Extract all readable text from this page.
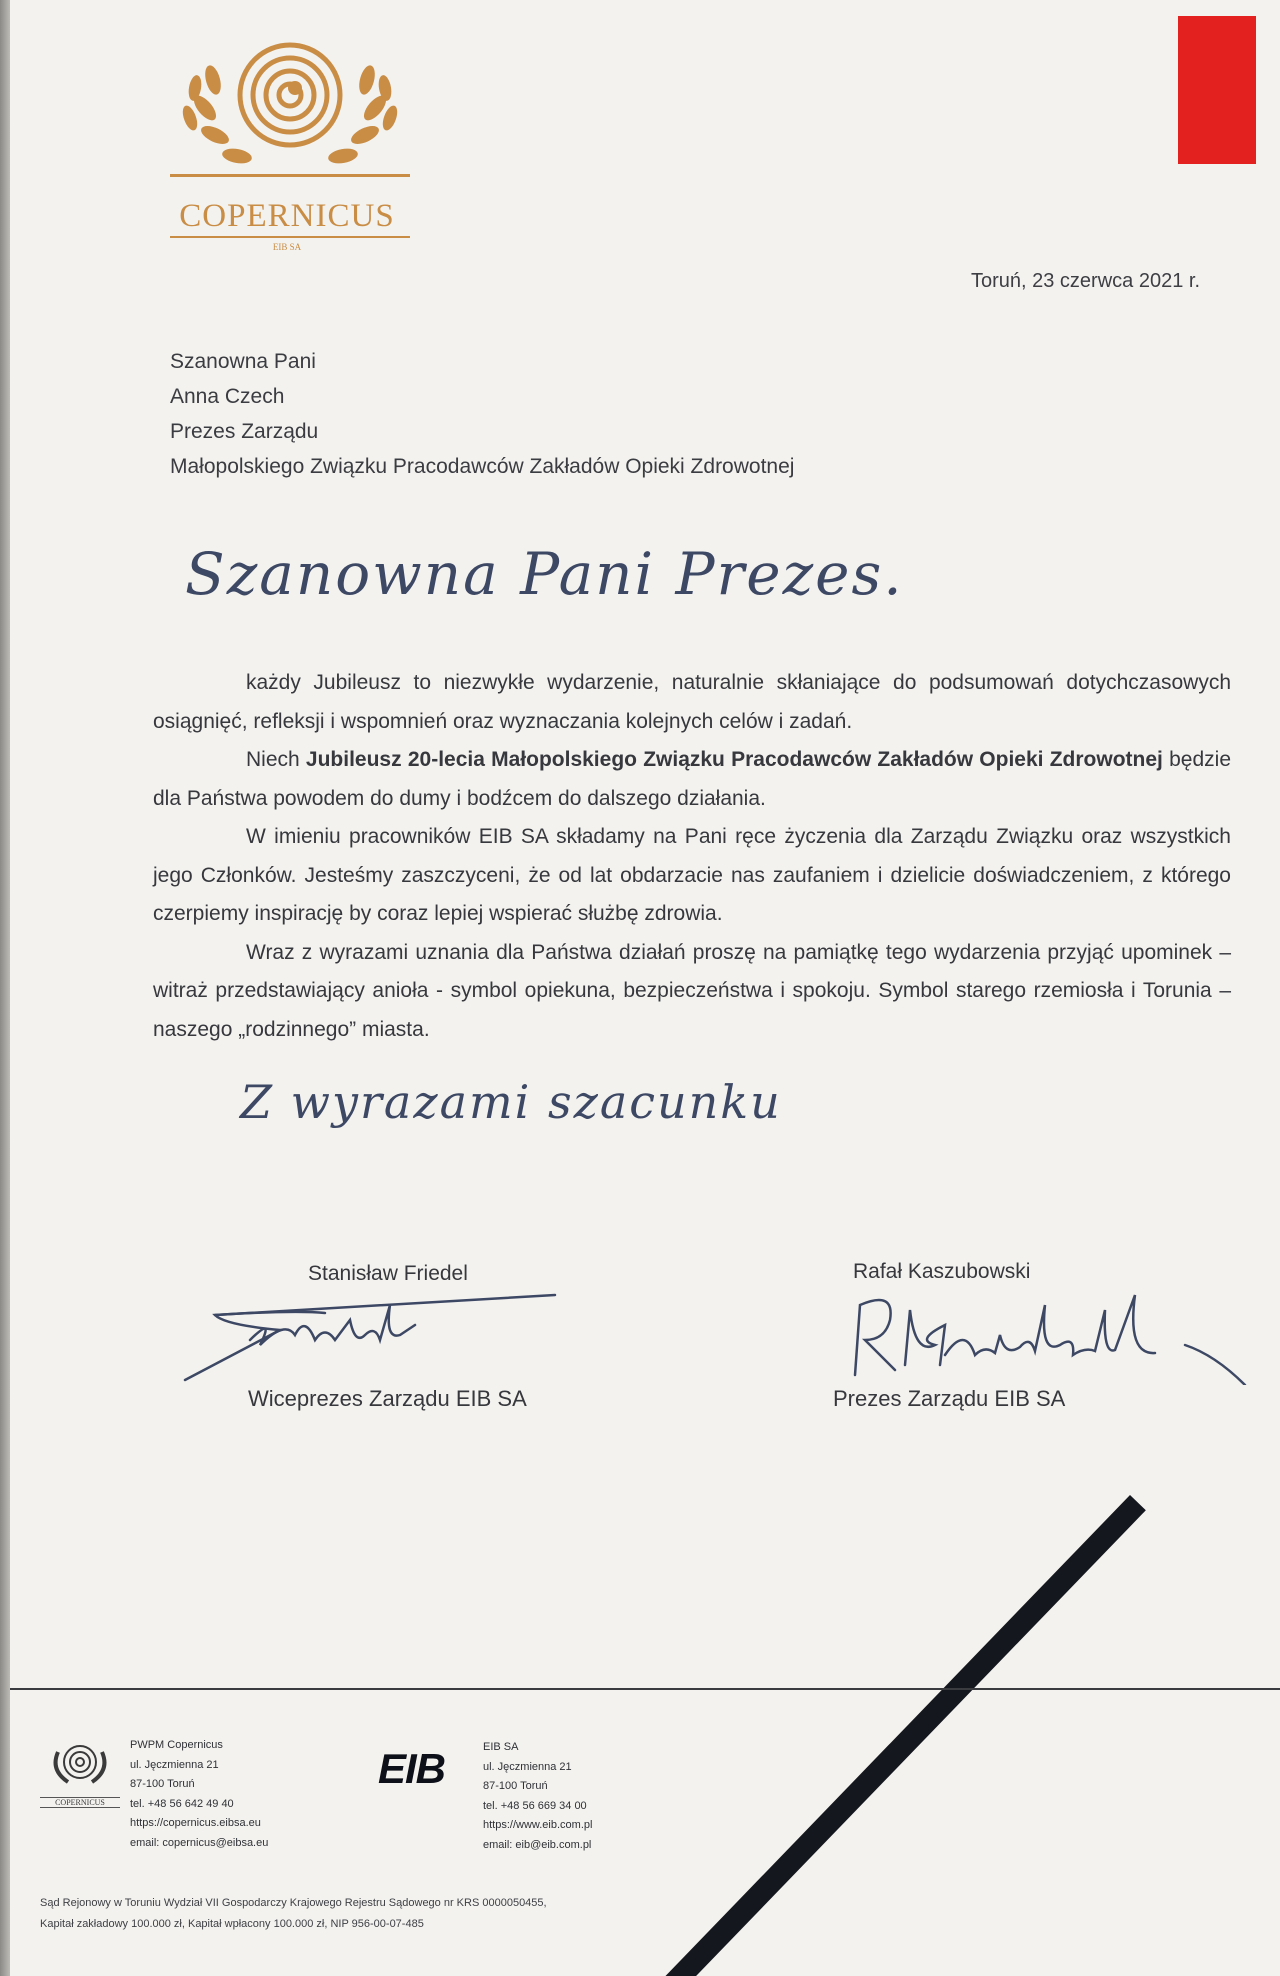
COPERNICUS
EIB SA
Toruń, 23 czerwca 2021 r.
Szanowna Pani
Anna Czech
Prezes Zarządu
Małopolskiego Związku Pracodawców Zakładów Opieki Zdrowotnej
Szanowna Pani Prezes.

każdy Jubileusz to niezwykłe wydarzenie, naturalnie skłaniające do podsumowań dotychczasowych osiągnięć, refleksji i wspomnień oraz wyznaczania kolejnych celów i zadań.

Niech Jubileusz 20-lecia Małopolskiego Związku Pracodawców Zakładów Opieki Zdrowotnej będzie dla Państwa powodem do dumy i bodźcem do dalszego działania.

W imieniu pracowników EIB SA składamy na Pani ręce życzenia dla Zarządu Związku oraz wszystkich jego Członków. Jesteśmy zaszczyceni, że od lat obdarzacie nas zaufaniem i dzielicie doświadczeniem, z którego czerpiemy inspirację by coraz lepiej wspierać służbę zdrowia.

Wraz z wyrazami uznania dla Państwa działań proszę na pamiątkę tego wydarzenia przyjąć upominek – witraż przedstawiający anioła - symbol opiekuna, bezpieczeństwa i spokoju. Symbol starego rzemiosła i Torunia – naszego „rodzinnego” miasta.

Z wyrazami szacunku
Stanisław Friedel
Wiceprezes Zarządu EIB SA
Rafał Kaszubowski
Prezes Zarządu EIB SA
COPERNICUS
PWPM Copernicus
ul. Jęczmienna 21
87-100 Toruń
tel. +48 56 642 49 40
https://copernicus.eibsa.eu
email: copernicus@eibsa.eu
EIB	EIB SA
ul. Jęczmienna 21
87-100 Toruń
tel. +48 56 669 34 00
https://www.eib.com.pl
email: eib@eib.com.pl
Sąd Rejonowy w Toruniu Wydział VII Gospodarczy Krajowego Rejestru Sądowego nr KRS 0000050455,
Kapitał zakładowy 100.000 zł, Kapitał wpłacony 100.000 zł, NIP 956-00-07-485
